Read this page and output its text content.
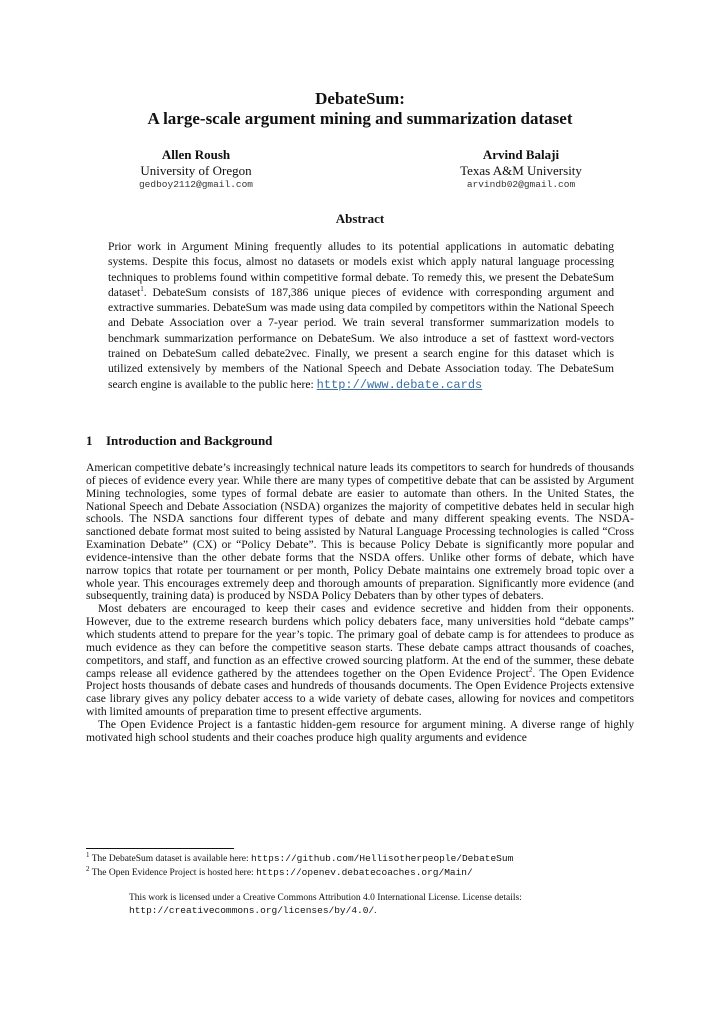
DebateSum:
A large-scale argument mining and summarization dataset
Allen Roush
University of Oregon
gedboy2112@gmail.com
Arvind Balaji
Texas A&M University
arvindb02@gmail.com
Abstract

Prior work in Argument Mining frequently alludes to its potential applications in automatic debating systems. Despite this focus, almost no datasets or models exist which apply natural language processing techniques to problems found within competitive formal debate. To remedy this, we present the DebateSum dataset$^1$. DebateSum consists of 187,386 unique pieces of evidence with corresponding argument and extractive summaries. DebateSum was made using data compiled by competitors within the National Speech and Debate Association over a 7-year period. We train several transformer summarization models to benchmark summarization performance on DebateSum. We also introduce a set of fasttext word-vectors trained on DebateSum called debate2vec. Finally, we present a search engine for this dataset which is utilized extensively by members of the National Speech and Debate Association today. The DebateSum search engine is available to the public here: http://www.debate.cards

1 Introduction and Background

American competitive debate’s increasingly technical nature leads its competitors to search for hundreds of thousands of pieces of evidence every year. While there are many types of competitive debate that can be assisted by Argument Mining technologies, some types of formal debate are easier to automate than others. In the United States, the National Speech and Debate Association (NSDA) organizes the majority of competitive debates held in secular high schools. The NSDA sanctions four different types of debate and many different speaking events. The NSDA-sanctioned debate format most suited to being assisted by Natural Language Processing technologies is called “Cross Examination Debate” (CX) or “Policy Debate”. This is because Policy Debate is significantly more popular and evidence-intensive than the other debate forms that the NSDA offers. Unlike other forms of debate, which have narrow topics that rotate per tournament or per month, Policy Debate maintains one extremely broad topic over a whole year. This encourages extremely deep and thorough amounts of preparation. Significantly more evidence (and subsequently, training data) is produced by NSDA Policy Debaters than by other types of debaters.

Most debaters are encouraged to keep their cases and evidence secretive and hidden from their opponents. However, due to the extreme research burdens which policy debaters face, many universities hold “debate camps” which students attend to prepare for the year’s topic. The primary goal of debate camp is for attendees to produce as much evidence as they can before the competitive season starts. These debate camps attract thousands of coaches, competitors, and staff, and function as an effective crowed sourcing platform. At the end of the summer, these debate camps release all evidence gathered by the attendees together on the Open Evidence Project$^2$. The Open Evidence Project hosts thousands of debate cases and hundreds of thousands documents. The Open Evidence Projects extensive case library gives any policy debater access to a wide variety of debate cases, allowing for novices and competitors with limited amounts of preparation time to present effective arguments.

The Open Evidence Project is a fantastic hidden-gem resource for argument mining. A diverse range of highly motivated high school students and their coaches produce high quality arguments and evidence

$^1$ The DebateSum dataset is available here: https://github.com/Hellisotherpeople/DebateSum
$^2$ The Open Evidence Project is hosted here: https://openev.debatecoaches.org/Main/
This work is licensed under a Creative Commons Attribution 4.0 International License. License details:
http://creativecommons.org/licenses/by/4.0/.
